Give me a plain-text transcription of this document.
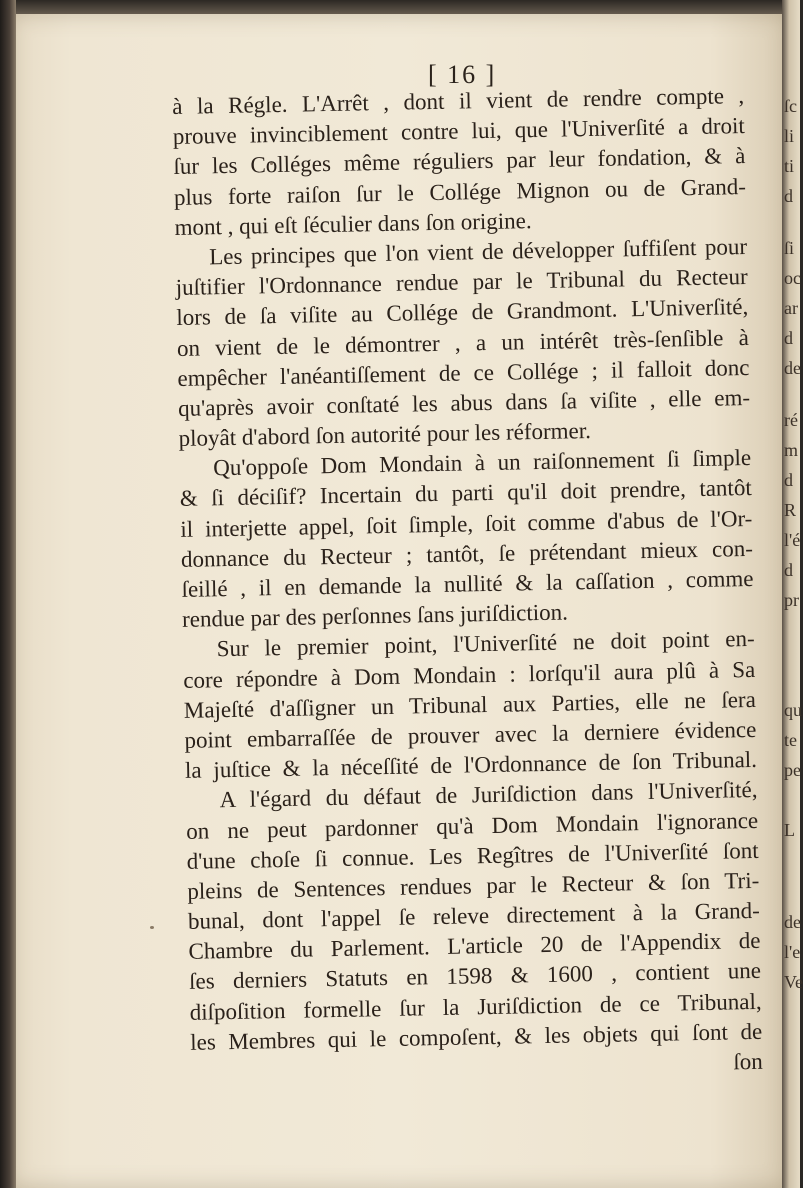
ſc
li
ti
d
ſi
oc
ar
d
de
ré
m
d
R
l'é
d
pr
qu
te
pe
L
de
l'e
Ve
[ 16 ]
à la Régle. L'Arrêt , dont il vient de rendre compte ,
prouve invinciblement contre lui, que l'Univerſité a droit
ſur les Colléges même réguliers par leur fondation, & à
plus forte raiſon ſur le Collége Mignon ou de Grand-
mont , qui eſt ſéculier dans ſon origine.
Les principes que l'on vient de développer ſuffiſent pour
juſtifier l'Ordonnance rendue par le Tribunal du Recteur
lors de ſa viſite au Collége de Grandmont. L'Univerſité,
on vient de le démontrer , a un intérêt très-ſenſible à
empêcher l'anéantiſſement de ce Collége ; il falloit donc
qu'après avoir conſtaté les abus dans ſa viſite , elle em-
ployât d'abord ſon autorité pour les réformer.
Qu'oppoſe Dom Mondain à un raiſonnement ſi ſimple
& ſi déciſif? Incertain du parti qu'il doit prendre, tantôt
il interjette appel, ſoit ſimple, ſoit comme d'abus de l'Or-
donnance du Recteur ; tantôt, ſe prétendant mieux con-
ſeillé , il en demande la nullité & la caſſation , comme
rendue par des perſonnes ſans juriſdiction.
Sur le premier point, l'Univerſité ne doit point en-
core répondre à Dom Mondain : lorſqu'il aura plû à Sa
Majeſté d'aſſigner un Tribunal aux Parties, elle ne ſera
point embarraſſée de prouver avec la derniere évidence
la juſtice & la néceſſité de l'Ordonnance de ſon Tribunal.
A l'égard du défaut de Juriſdiction dans l'Univerſité,
on ne peut pardonner qu'à Dom Mondain l'ignorance
d'une choſe ſi connue. Les Regîtres de l'Univerſité ſont
pleins de Sentences rendues par le Recteur & ſon Tri-
bunal, dont l'appel ſe releve directement à la Grand-
Chambre du Parlement. L'article 20 de l'Appendix de
ſes derniers Statuts en 1598 & 1600 , contient une
diſpoſition formelle ſur la Juriſdiction de ce Tribunal,
les Membres qui le compoſent, & les objets qui ſont de
ſon
